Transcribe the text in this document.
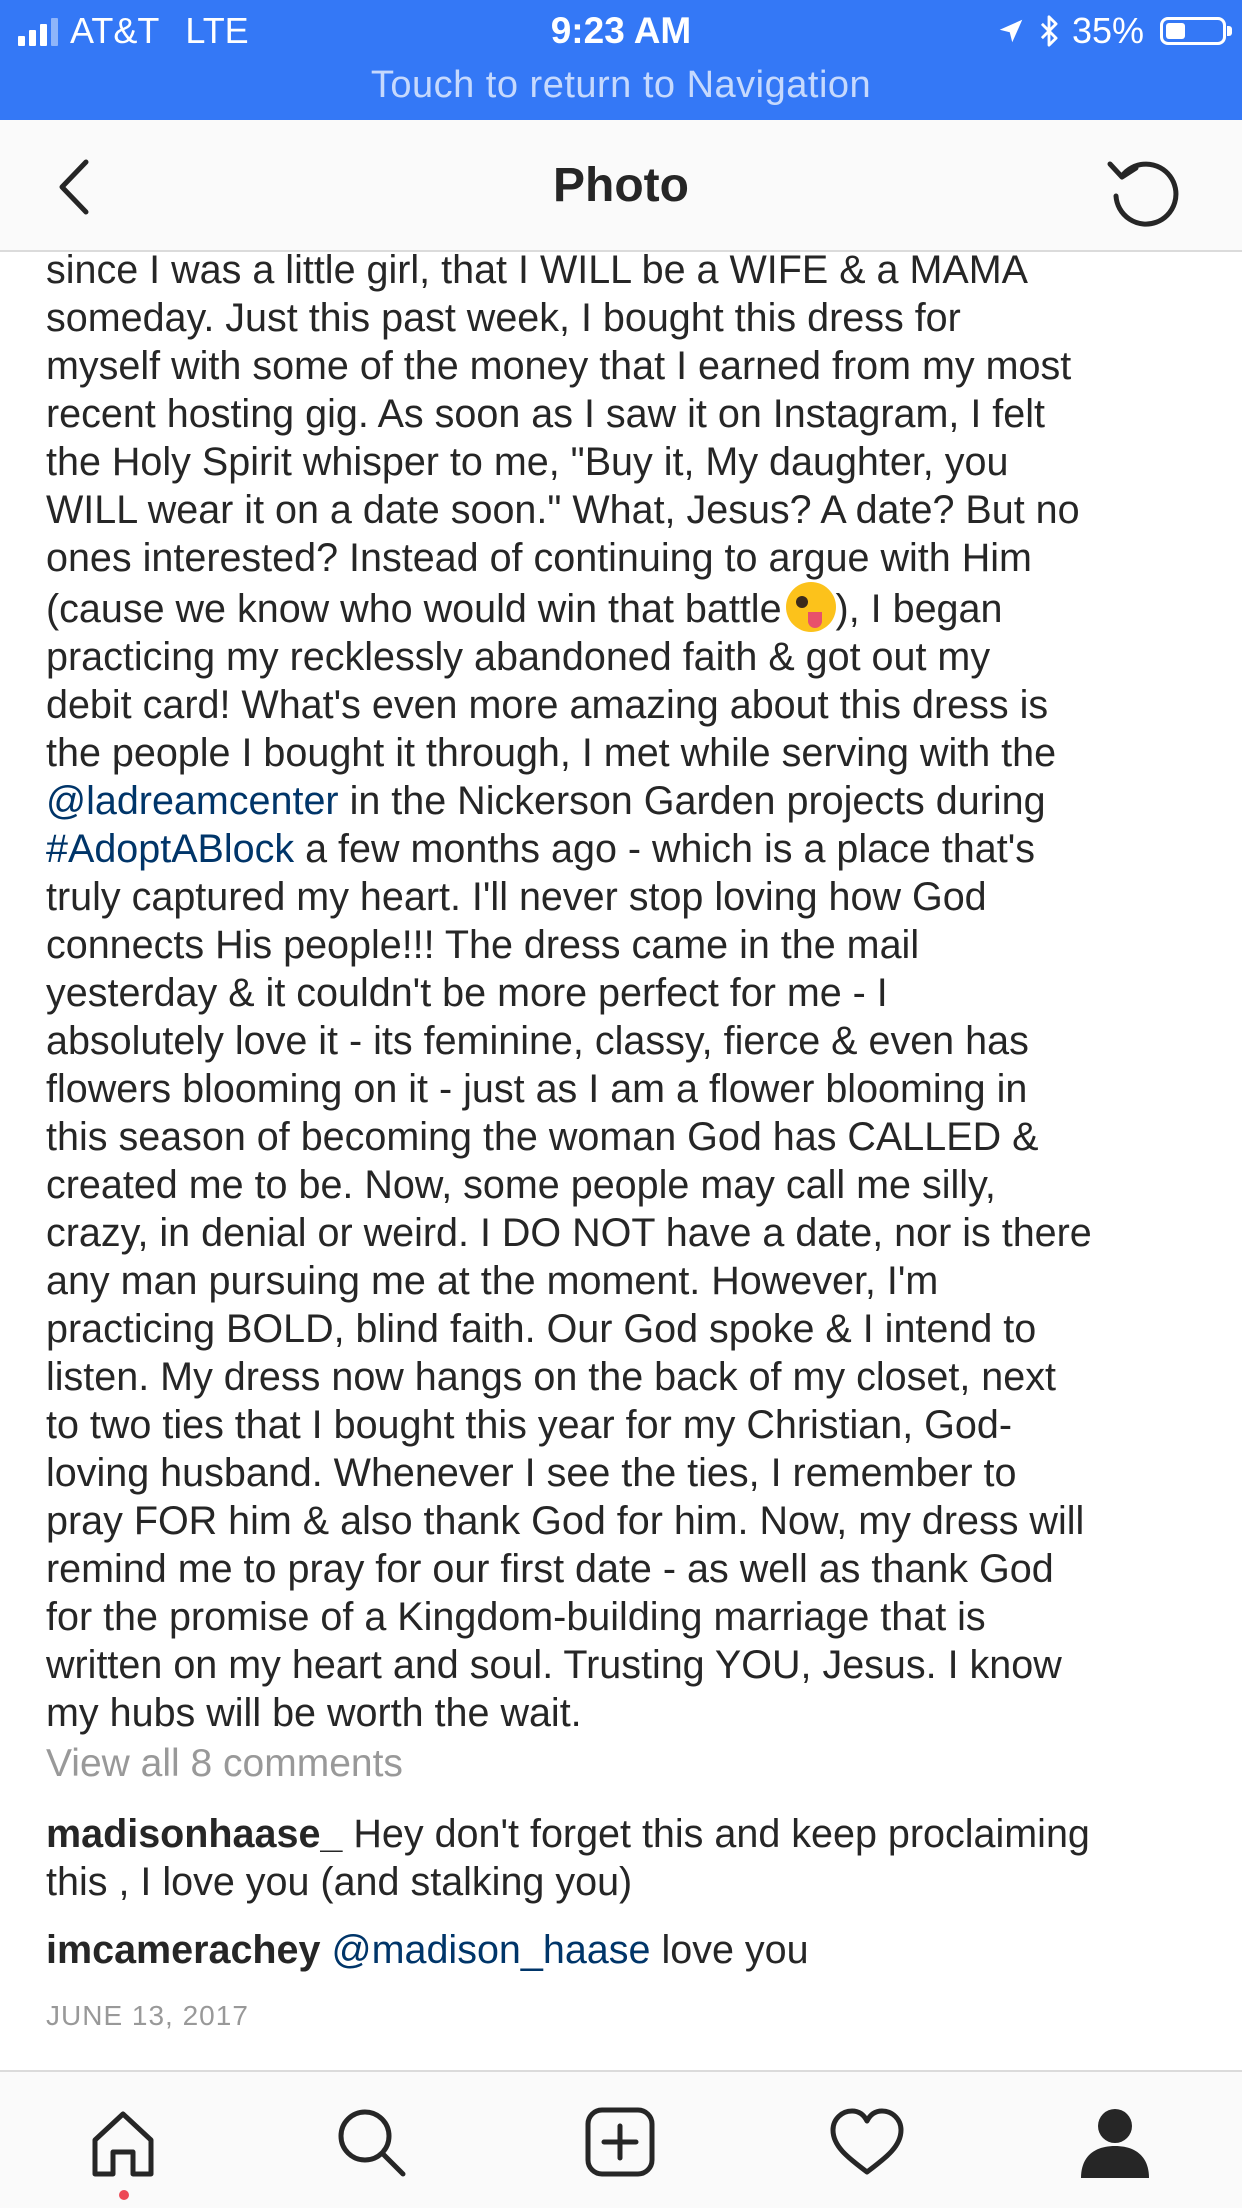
AT&T LTE	9:23 AM	35%
Touch to return to Navigation
Photo
since I was a little girl, that I WILL be a WIFE & a MAMA
someday. Just this past week, I bought this dress for
myself with some of the money that I earned from my most
recent hosting gig. As soon as I saw it on Instagram, I felt
the Holy Spirit whisper to me, "Buy it, My daughter, you
WILL wear it on a date soon." What, Jesus? A date? But no
ones interested? Instead of continuing to argue with Him
(cause we know who would win that battle ), I began
practicing my recklessly abandoned faith & got out my
debit card! What's even more amazing about this dress is
the people I bought it through, I met while serving with the
@ladreamcenter in the Nickerson Garden projects during
#AdoptABlock a few months ago - which is a place that's
truly captured my heart. I'll never stop loving how God
connects His people!!! The dress came in the mail
yesterday & it couldn't be more perfect for me - I
absolutely love it - its feminine, classy, fierce & even has
flowers blooming on it - just as I am a flower blooming in
this season of becoming the woman God has CALLED &
created me to be. Now, some people may call me silly,
crazy, in denial or weird. I DO NOT have a date, nor is there
any man pursuing me at the moment. However, I'm
practicing BOLD, blind faith. Our God spoke & I intend to
listen. My dress now hangs on the back of my closet, next
to two ties that I bought this year for my Christian, God-
loving husband. Whenever I see the ties, I remember to
pray FOR him & also thank God for him. Now, my dress will
remind me to pray for our first date - as well as thank God
for the promise of a Kingdom-building marriage that is
written on my heart and soul. Trusting YOU, Jesus. I know
my hubs will be worth the wait.
View all 8 comments
madisonhaase_ Hey don't forget this and keep proclaiming
this , I love you (and stalking you)
imcamerachey @madison_haase love you
JUNE 13, 2017
